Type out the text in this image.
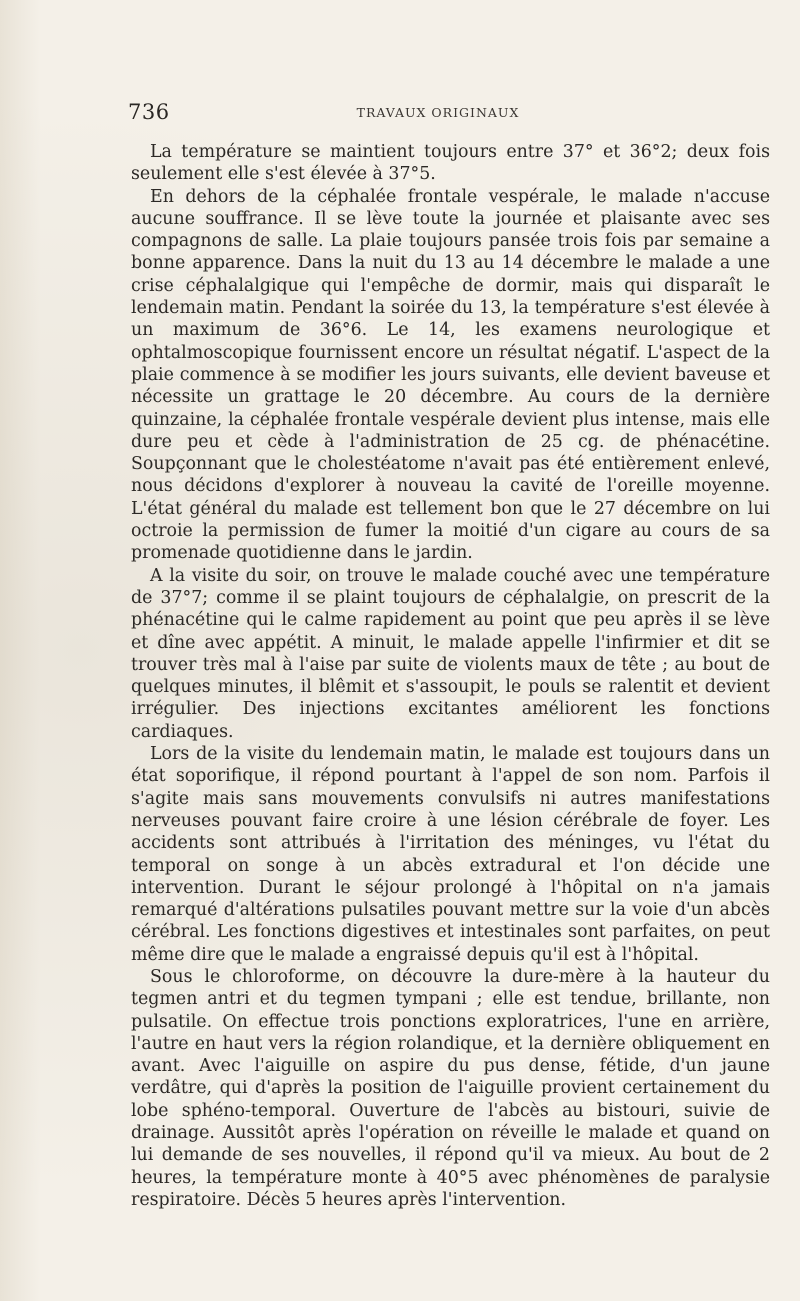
736	TRAVAUX ORIGINAUX

La température se maintient toujours entre 37° et 36°2; deux fois seulement elle s'est élevée à 37°5.

En dehors de la céphalée frontale vespérale, le malade n'accuse aucune souffrance. Il se lève toute la journée et plaisante avec ses compagnons de salle. La plaie toujours pansée trois fois par semaine a bonne apparence. Dans la nuit du 13 au 14 décembre le malade a une crise céphalalgique qui l'empêche de dormir, mais qui disparaît le lendemain matin. Pendant la soirée du 13, la température s'est élevée à un maximum de 36°6. Le 14, les examens neurologique et ophtalmoscopique fournissent encore un résultat négatif. L'aspect de la plaie commence à se modifier les jours suivants, elle devient baveuse et nécessite un grattage le 20 décembre. Au cours de la dernière quinzaine, la céphalée frontale vespérale devient plus intense, mais elle dure peu et cède à l'administration de 25 cg. de phénacétine. Soupçonnant que le cholestéatome n'avait pas été entièrement enlevé, nous décidons d'explorer à nouveau la cavité de l'oreille moyenne. L'état général du malade est tellement bon que le 27 décembre on lui octroie la permission de fumer la moitié d'un cigare au cours de sa promenade quotidienne dans le jardin.

A la visite du soir, on trouve le malade couché avec une température de 37°7; comme il se plaint toujours de céphalalgie, on prescrit de la phénacétine qui le calme rapidement au point que peu après il se lève et dîne avec appétit. A minuit, le malade appelle l'infirmier et dit se trouver très mal à l'aise par suite de violents maux de tête ; au bout de quelques minutes, il blêmit et s'assoupit, le pouls se ralentit et devient irrégulier. Des injections excitantes améliorent les fonctions cardiaques.

Lors de la visite du lendemain matin, le malade est toujours dans un état soporifique, il répond pourtant à l'appel de son nom. Parfois il s'agite mais sans mouvements convulsifs ni autres manifestations nerveuses pouvant faire croire à une lésion cérébrale de foyer. Les accidents sont attribués à l'irritation des méninges, vu l'état du temporal on songe à un abcès extradural et l'on décide une intervention. Durant le séjour prolongé à l'hôpital on n'a jamais remarqué d'altérations pulsatiles pouvant mettre sur la voie d'un abcès cérébral. Les fonctions digestives et intestinales sont parfaites, on peut même dire que le malade a engraissé depuis qu'il est à l'hôpital.

Sous le chloroforme, on découvre la dure-mère à la hauteur du tegmen antri et du tegmen tympani ; elle est tendue, brillante, non pulsatile. On effectue trois ponctions exploratrices, l'une en arrière, l'autre en haut vers la région rolandique, et la dernière obliquement en avant. Avec l'aiguille on aspire du pus dense, fétide, d'un jaune verdâtre, qui d'après la position de l'aiguille provient certainement du lobe sphéno-temporal. Ouverture de l'abcès au bistouri, suivie de drainage. Aussitôt après l'opération on réveille le malade et quand on lui demande de ses nouvelles, il répond qu'il va mieux. Au bout de 2 heures, la température monte à 40°5 avec phénomènes de paralysie respiratoire. Décès 5 heures après l'intervention.
